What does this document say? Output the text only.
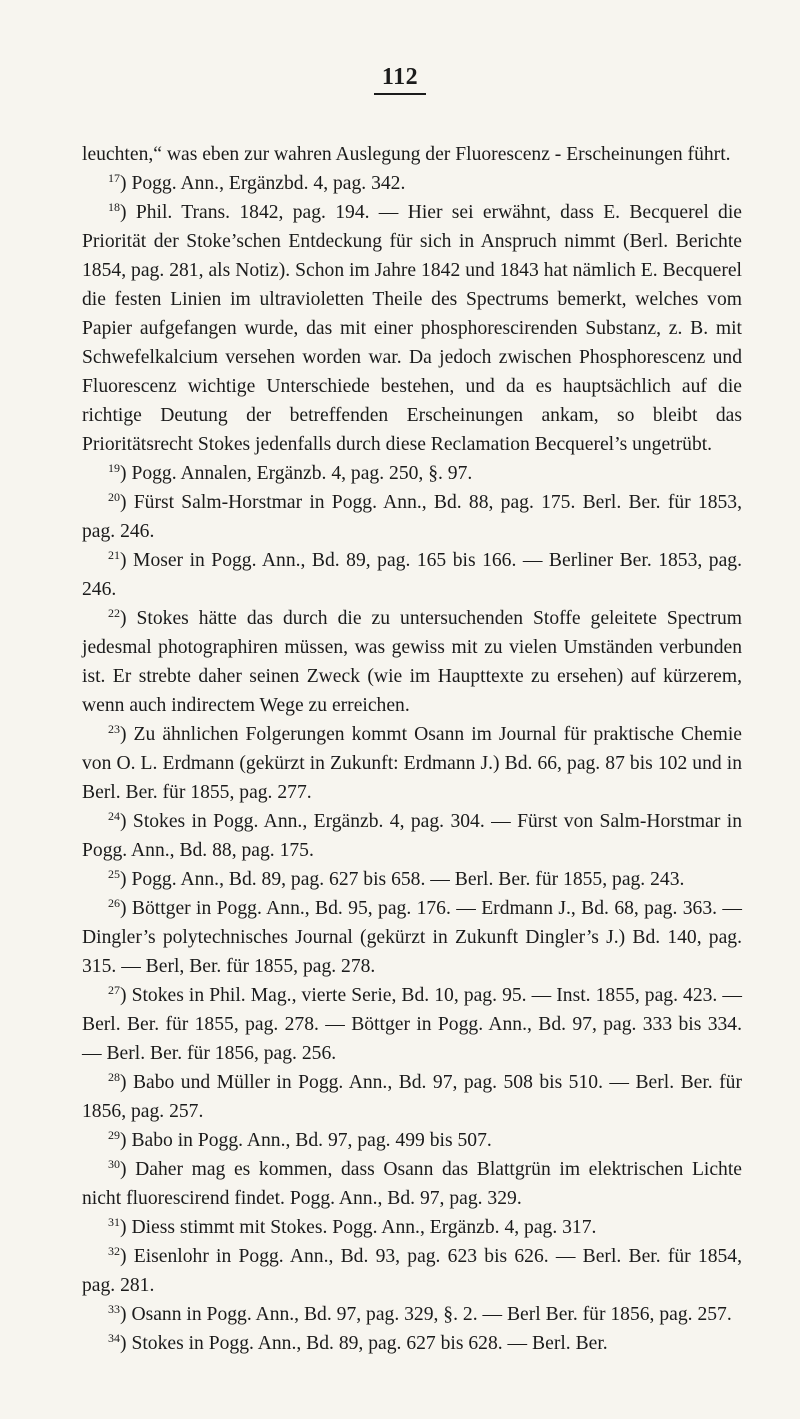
112

leuchten,“ was eben zur wahren Auslegung der Fluorescenz - Erscheinungen führt.

$^{17}$) Pogg. Ann., Ergänzbd. 4, pag. 342.

$^{18}$) Phil. Trans. 1842, pag. 194. — Hier sei erwähnt, dass E. Becquerel die Priorität der Stoke’schen Entdeckung für sich in Anspruch nimmt (Berl. Berichte 1854, pag. 281, als Notiz). Schon im Jahre 1842 und 1843 hat nämlich E. Becquerel die festen Linien im ultravioletten Theile des Spectrums bemerkt, welches vom Papier aufgefangen wurde, das mit einer phosphorescirenden Substanz, z. B. mit Schwefelkalcium versehen worden war. Da jedoch zwischen Phosphorescenz und Fluorescenz wichtige Unterschiede bestehen, und da es hauptsächlich auf die richtige Deutung der betreffenden Erscheinungen ankam, so bleibt das Prioritätsrecht Stokes jedenfalls durch diese Reclamation Becquerel’s ungetrübt.

$^{19}$) Pogg. Annalen, Ergänzb. 4, pag. 250, §. 97.

$^{20}$) Fürst Salm-Horstmar in Pogg. Ann., Bd. 88, pag. 175. Berl. Ber. für 1853, pag. 246.

$^{21}$) Moser in Pogg. Ann., Bd. 89, pag. 165 bis 166. — Berliner Ber. 1853, pag. 246.

$^{22}$) Stokes hätte das durch die zu untersuchenden Stoffe geleitete Spectrum jedesmal photographiren müssen, was gewiss mit zu vielen Umständen verbunden ist. Er strebte daher seinen Zweck (wie im Haupttexte zu ersehen) auf kürzerem, wenn auch indirectem Wege zu erreichen.

$^{23}$) Zu ähnlichen Folgerungen kommt Osann im Journal für praktische Chemie von O. L. Erdmann (gekürzt in Zukunft: Erdmann J.) Bd. 66, pag. 87 bis 102 und in Berl. Ber. für 1855, pag. 277.

$^{24}$) Stokes in Pogg. Ann., Ergänzb. 4, pag. 304. — Fürst von Salm-Horstmar in Pogg. Ann., Bd. 88, pag. 175.

$^{25}$) Pogg. Ann., Bd. 89, pag. 627 bis 658. — Berl. Ber. für 1855, pag. 243.

$^{26}$) Böttger in Pogg. Ann., Bd. 95, pag. 176. — Erdmann J., Bd. 68, pag. 363. — Dingler’s polytechnisches Journal (gekürzt in Zukunft Dingler’s J.) Bd. 140, pag. 315. — Berl, Ber. für 1855, pag. 278.

$^{27}$) Stokes in Phil. Mag., vierte Serie, Bd. 10, pag. 95. — Inst. 1855, pag. 423. — Berl. Ber. für 1855, pag. 278. — Böttger in Pogg. Ann., Bd. 97, pag. 333 bis 334. — Berl. Ber. für 1856, pag. 256.

$^{28}$) Babo und Müller in Pogg. Ann., Bd. 97, pag. 508 bis 510. — Berl. Ber. für 1856, pag. 257.

$^{29}$) Babo in Pogg. Ann., Bd. 97, pag. 499 bis 507.

$^{30}$) Daher mag es kommen, dass Osann das Blattgrün im elektrischen Lichte nicht fluorescirend findet. Pogg. Ann., Bd. 97, pag. 329.

$^{31}$) Diess stimmt mit Stokes. Pogg. Ann., Ergänzb. 4, pag. 317.

$^{32}$) Eisenlohr in Pogg. Ann., Bd. 93, pag. 623 bis 626. — Berl. Ber. für 1854, pag. 281.

$^{33}$) Osann in Pogg. Ann., Bd. 97, pag. 329, §. 2. — Berl Ber. für 1856, pag. 257.

$^{34}$) Stokes in Pogg. Ann., Bd. 89, pag. 627 bis 628. — Berl. Ber.
